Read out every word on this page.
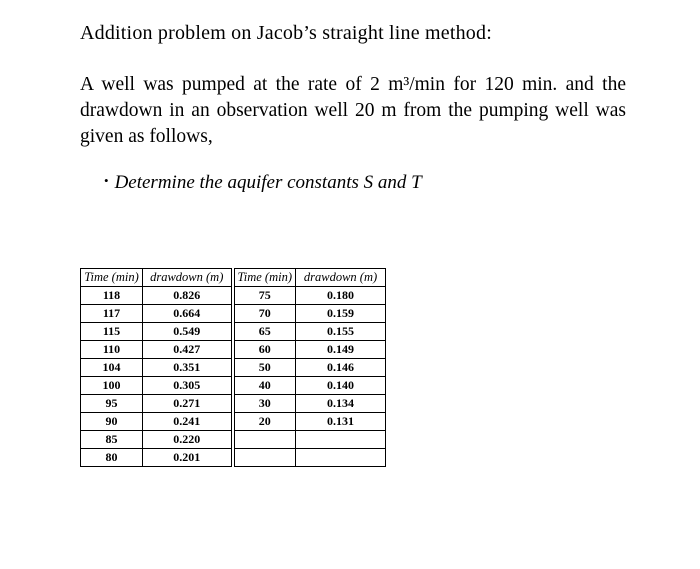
Addition problem on Jacob’s straight line method:

A well was pumped at the rate of 2 m³/min for 120 min. and the drawdown in an observation well 20 m from the pumping well was given as follows,

• Determine the aquifer constants S and T
Time (min)	drawdown (m)	Time (min)	drawdown (m)
118	0.826	75	0.180
117	0.664	70	0.159
115	0.549	65	0.155
110	0.427	60	0.149
104	0.351	50	0.146
100	0.305	40	0.140
95	0.271	30	0.134
90	0.241	20	0.131
85	0.220		
80	0.201		
